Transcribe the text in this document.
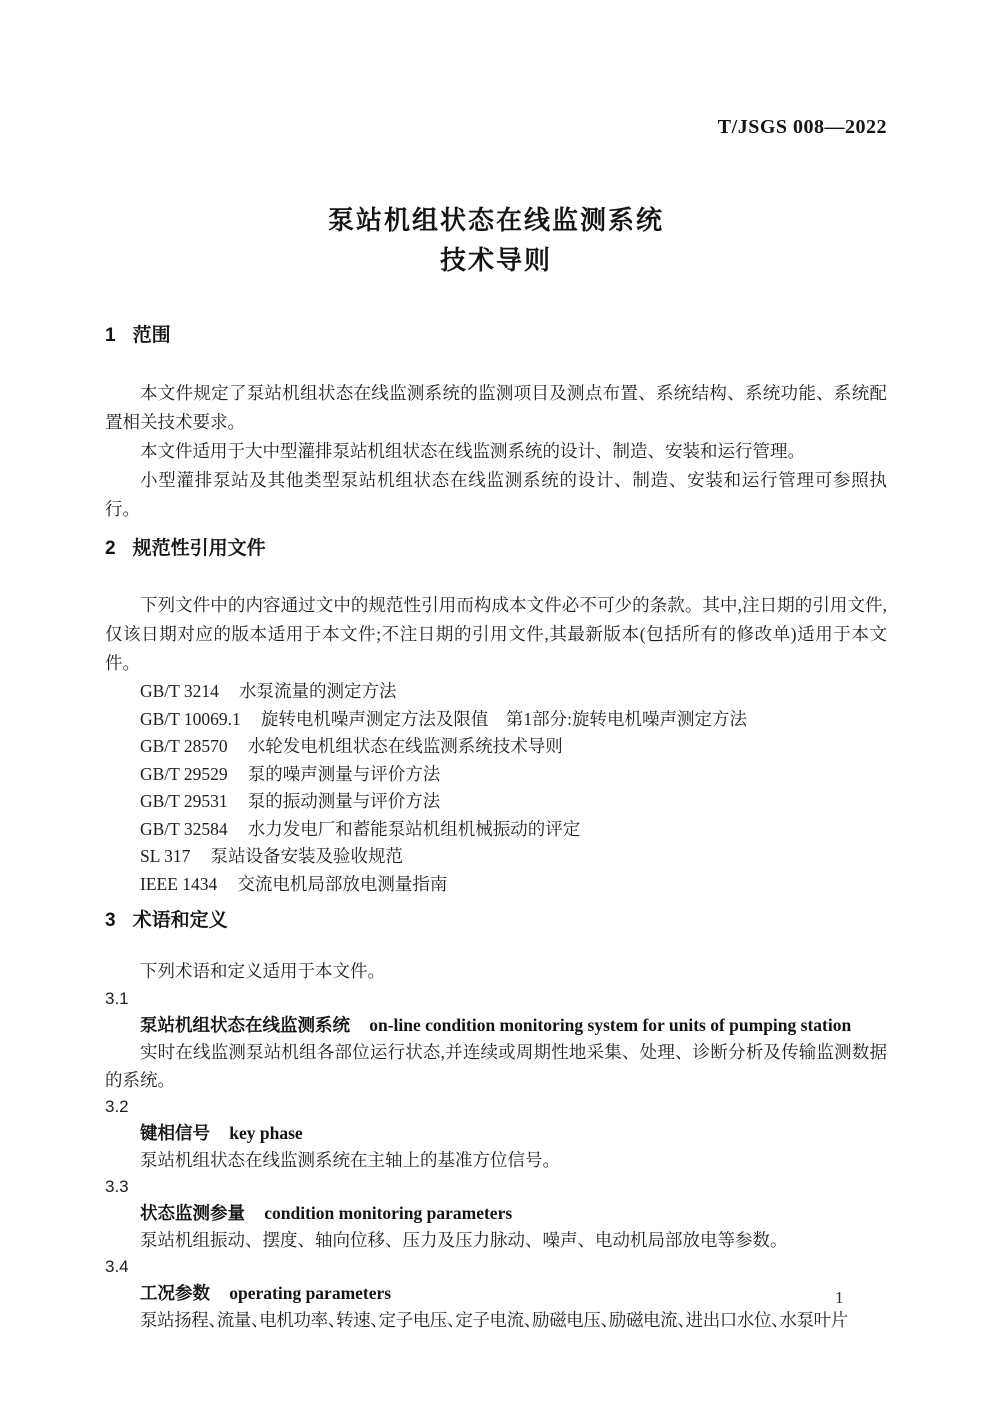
T/JSGS 008—2022
泵站机组状态在线监测系统
技术导则
1 范围

本文件规定了泵站机组状态在线监测系统的监测项目及测点布置、系统结构、系统功能、系统配置相关技术要求。

本文件适用于大中型灌排泵站机组状态在线监测系统的设计、制造、安装和运行管理。

小型灌排泵站及其他类型泵站机组状态在线监测系统的设计、制造、安装和运行管理可参照执行。

2 规范性引用文件

下列文件中的内容通过文中的规范性引用而构成本文件必不可少的条款。其中,注日期的引用文件,仅该日期对应的版本适用于本文件;不注日期的引用文件,其最新版本(包括所有的修改单)适用于本文件。

GB/T 3214 水泵流量的测定方法

GB/T 10069.1 旋转电机噪声测定方法及限值　第1部分:旋转电机噪声测定方法

GB/T 28570 水轮发电机组状态在线监测系统技术导则

GB/T 29529 泵的噪声测量与评价方法

GB/T 29531 泵的振动测量与评价方法

GB/T 32584 水力发电厂和蓄能泵站机组机械振动的评定

SL 317 泵站设备安装及验收规范

IEEE 1434 交流电机局部放电测量指南

3 术语和定义

下列术语和定义适用于本文件。

3.1
泵站机组状态在线监测系统 on-line condition monitoring system for units of pumping station

实时在线监测泵站机组各部位运行状态,并连续或周期性地采集、处理、诊断分析及传输监测数据的系统。

3.2
键相信号 key phase

泵站机组状态在线监测系统在主轴上的基准方位信号。

3.3
状态监测参量 condition monitoring parameters

泵站机组振动、摆度、轴向位移、压力及压力脉动、噪声、电动机局部放电等参数。

3.4
工况参数 operating parameters

泵站扬程、流量、电机功率、转速、定子电压、定子电流、励磁电压、励磁电流、进出口水位、水泵叶片

1
